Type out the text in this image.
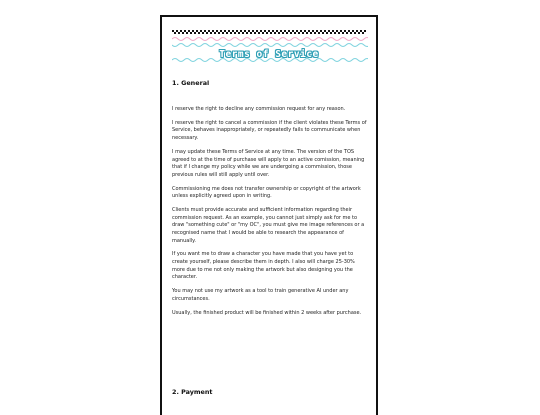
Terms of Service
1. General

I reserve the right to decline any commission request for any reason.

I reserve the right to cancel a commission if the client violates these Terms of Service, behaves inappropriately, or repeatedly fails to communicate when necessary.

I may update these Terms of Service at any time. The version of the TOS agreed to at the time of purchase will apply to an active comission, meaning that if I change my policy while we are undergoing a commission, those previous rules will still apply until over.

Commissioning me does not transfer ownership or copyright of the artwork unless explicitly agreed upon in writing.

Clients must provide accurate and sufficient information regarding their commission request. As an example, you cannot just simply ask for me to draw "something cute" or "my OC", you must give me image references or a recognised name that I would be able to research the appearance of manually.

If you want me to draw a character you have made that you have yet to create yourself, please describe them in depth. I also will charge 25-30% more due to me not only making the artwork but also designing you the character.

You may not use my artwork as a tool to train generative AI under any circumstances.

Usually, the finished product will be finished within 2 weeks after purchase.

2. Payment
